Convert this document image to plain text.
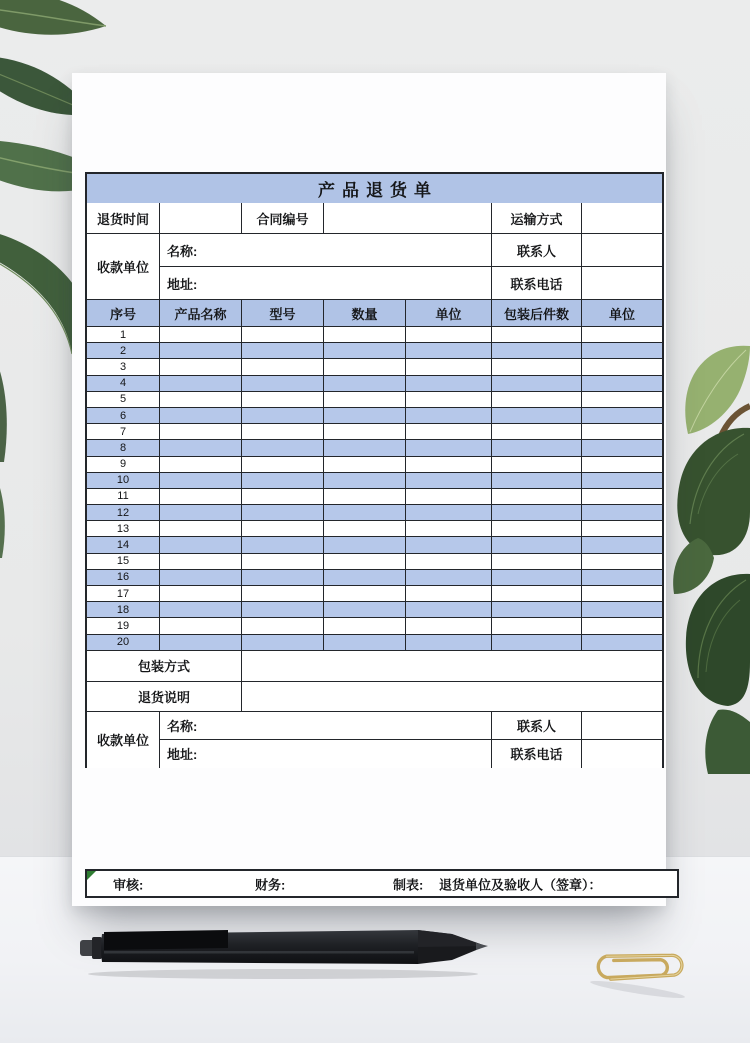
产品退货单
退货时间	合同编号	运输方式
收款单位
名称:	联系人
地址:	联系电话
序号	产品名称	型号	数量	单位	包装后件数	单位
1
2
3
4
5
6
7
8
9
10
11
12
13
14
15
16
17
18
19
20
包装方式
退货说明
收款单位
名称:	联系人
地址:	联系电话
审核:	财务:	制表: 退货单位及验收人（签章）：
